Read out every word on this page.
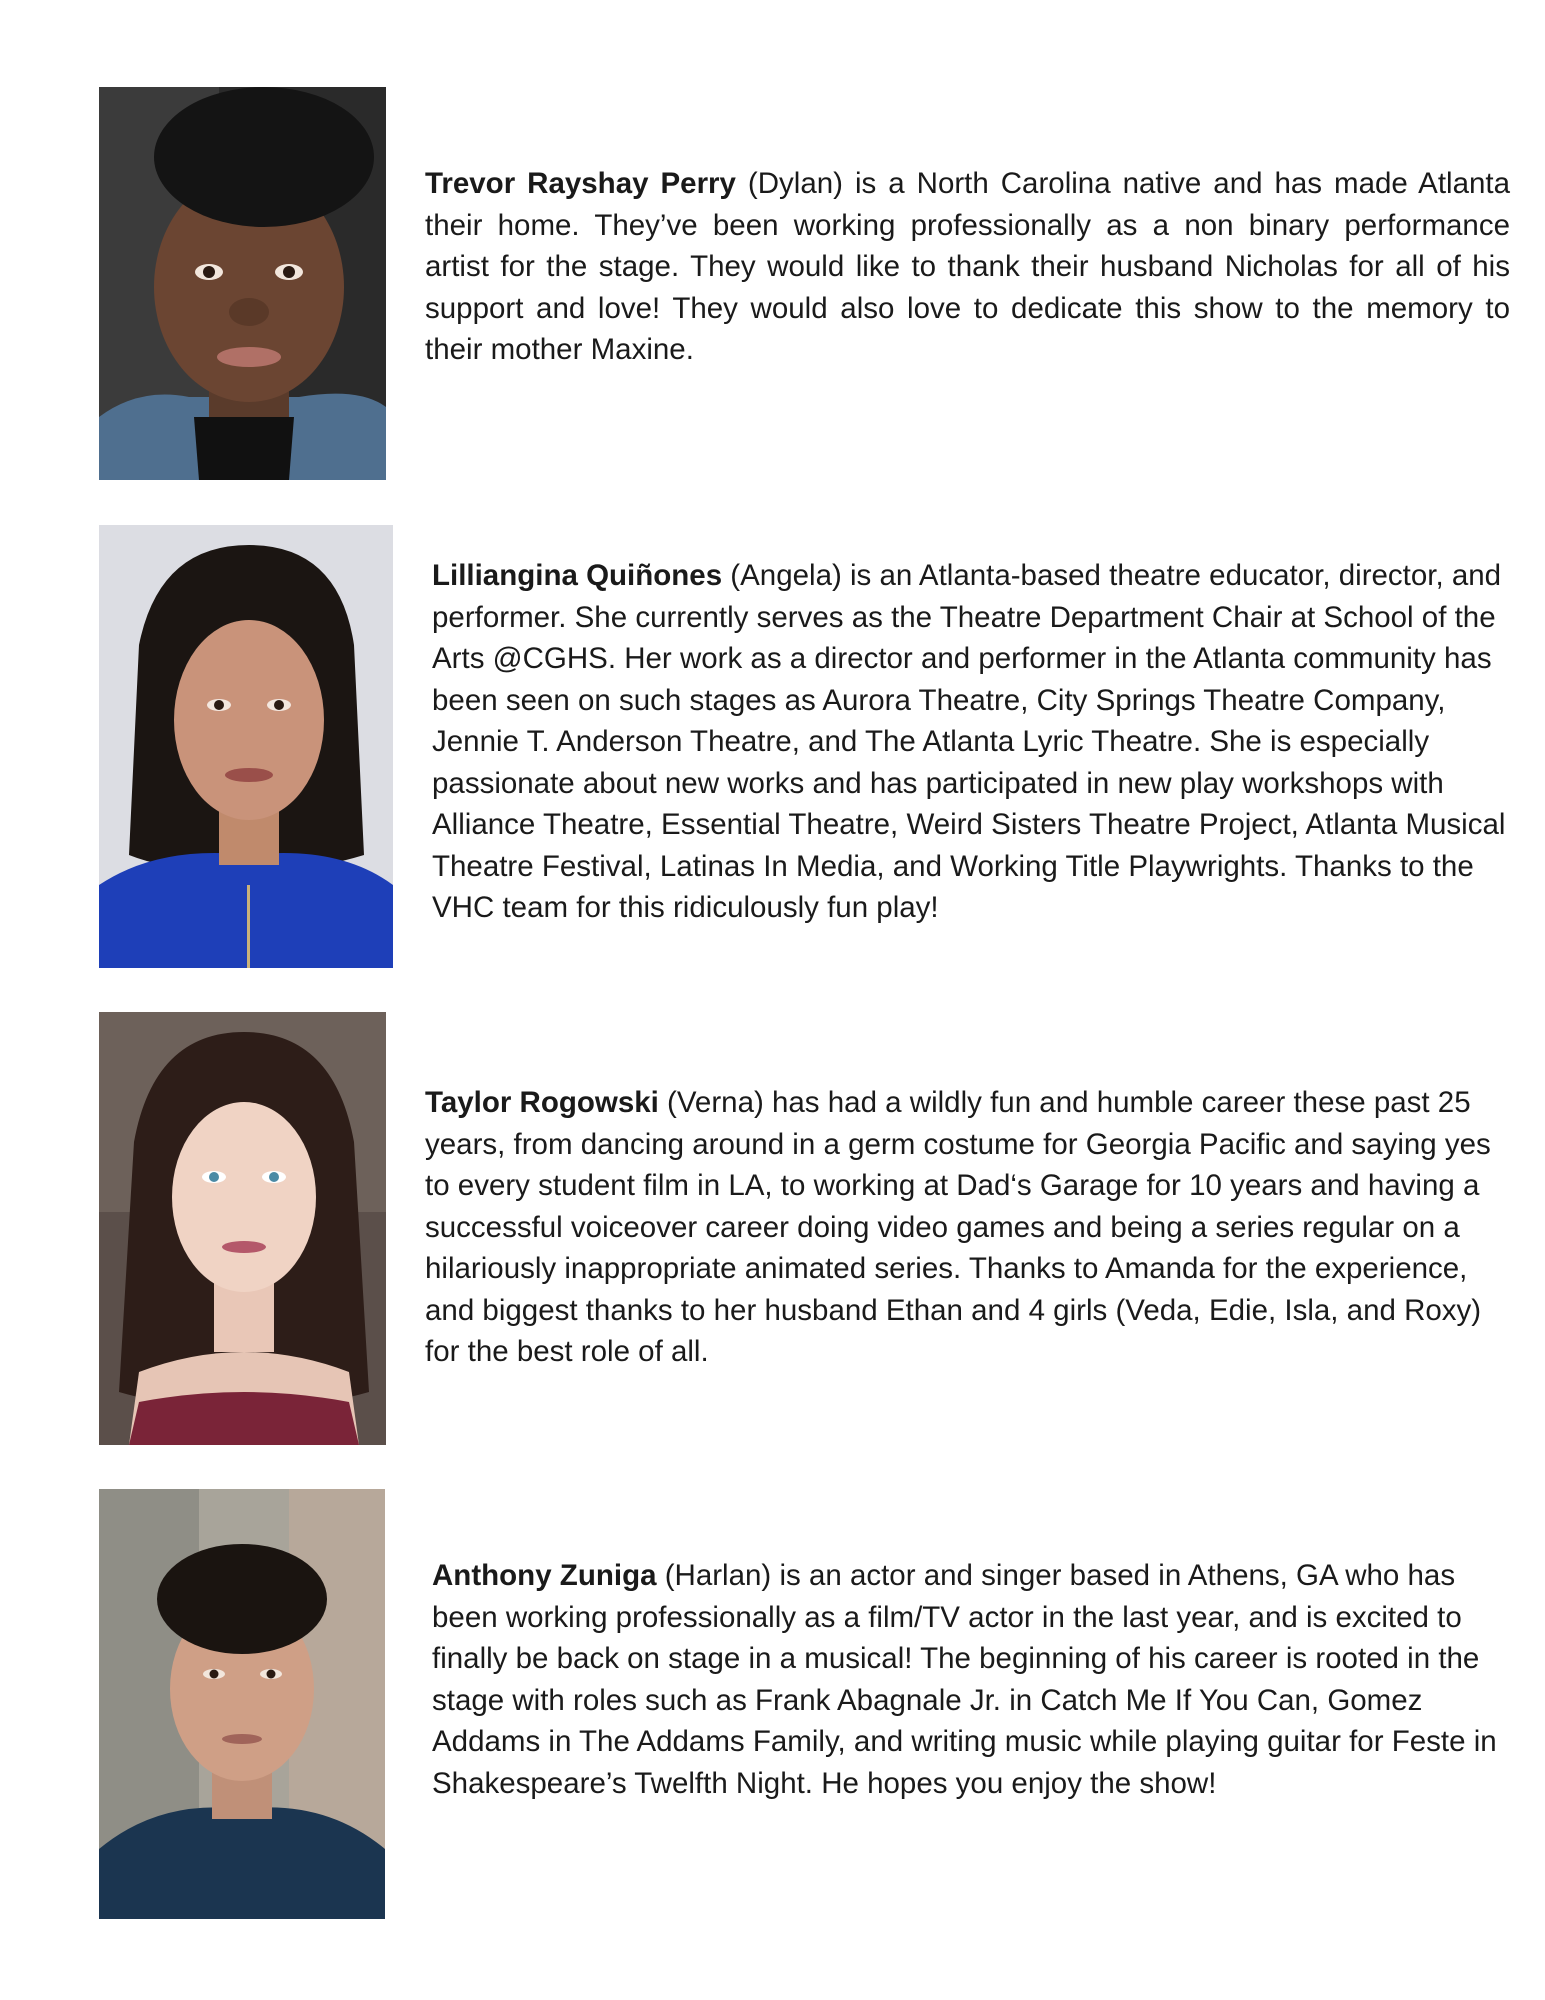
Trevor Rayshay Perry (Dylan) is a North Carolina native and has made Atlanta their home. They’ve been working professionally as a non binary performance artist for the stage. They would like to thank their husband Nicholas for all of his support and love! They would also love to dedicate this show to the memory to their mother Maxine.

Lilliangina Quiñones (Angela) is an Atlanta-based theatre educator, director, and performer. She currently serves as the Theatre Department Chair at School of the Arts @CGHS. Her work as a director and performer in the Atlanta community has been seen on such stages as Aurora Theatre, City Springs Theatre Company, Jennie T. Anderson Theatre, and The Atlanta Lyric Theatre. She is especially passionate about new works and has participated in new play workshops with Alliance Theatre, Essential Theatre, Weird Sisters Theatre Project, Atlanta Musical Theatre Festival, Latinas In Media, and Working Title Playwrights. Thanks to the VHC team for this ridiculously fun play!

Taylor Rogowski (Verna) has had a wildly fun and humble career these past 25 years, from dancing around in a germ costume for Georgia Pacific and saying yes to every student film in LA, to working at Dad‘s Garage for 10 years and having a successful voiceover career doing video games and being a series regular on a hilariously inappropriate animated series. Thanks to Amanda for the experience, and biggest thanks to her husband Ethan and 4 girls (Veda, Edie, Isla, and Roxy) for the best role of all.

Anthony Zuniga (Harlan) is an actor and singer based in Athens, GA who has been working professionally as a film/TV actor in the last year, and is excited to finally be back on stage in a musical! The beginning of his career is rooted in the stage with roles such as Frank Abagnale Jr. in Catch Me If You Can, Gomez Addams in The Addams Family, and writing music while playing guitar for Feste in Shakespeare’s Twelfth Night. He hopes you enjoy the show!
